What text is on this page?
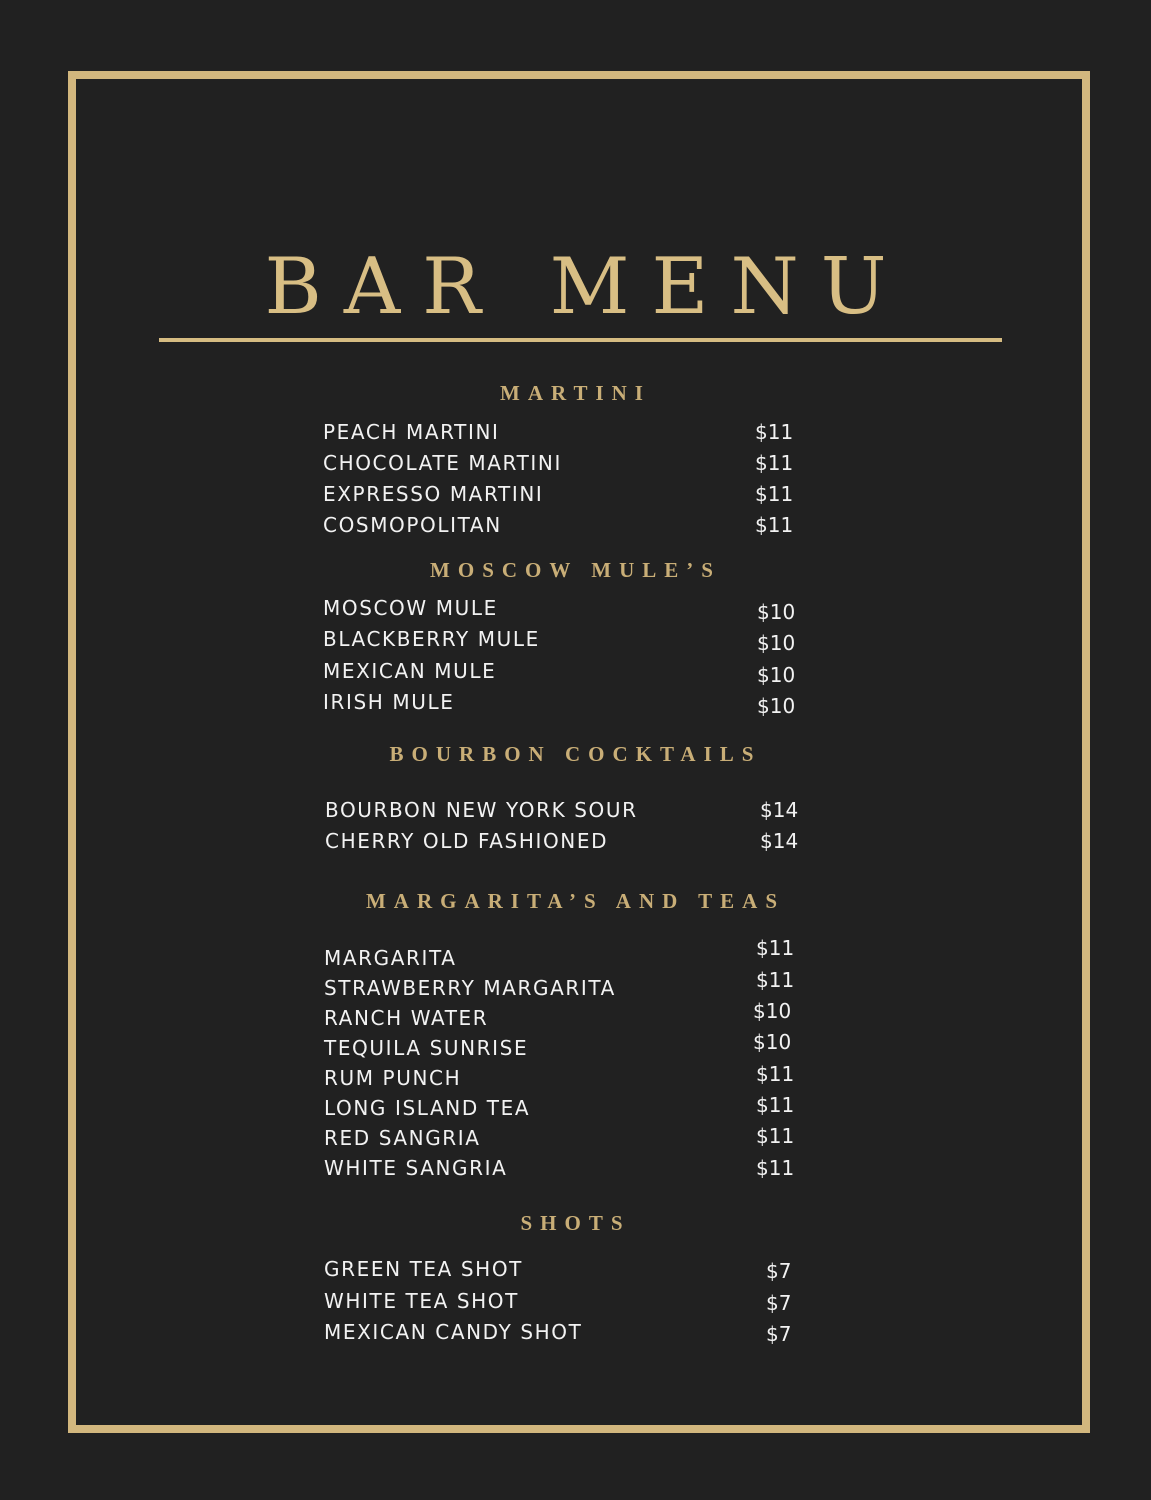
BAR MENU
MARTINI
PEACH MARTINI	$11
CHOCOLATE MARTINI	$11
EXPRESSO MARTINI	$11
COSMOPOLITAN	$11
MOSCOW MULE’S
MOSCOW MULE	$10
BLACKBERRY MULE	$10
MEXICAN MULE	$10
IRISH MULE	$10
BOURBON COCKTAILS
BOURBON NEW YORK SOUR	$14
CHERRY OLD FASHIONED	$14
MARGARITA’S AND TEAS
MARGARITA	$11
STRAWBERRY MARGARITA	$11
RANCH WATER	$10
TEQUILA SUNRISE	$10
RUM PUNCH	$11
LONG ISLAND TEA	$11
RED SANGRIA	$11
WHITE SANGRIA	$11
SHOTS
GREEN TEA SHOT	$7
WHITE TEA SHOT	$7
MEXICAN CANDY SHOT	$7
